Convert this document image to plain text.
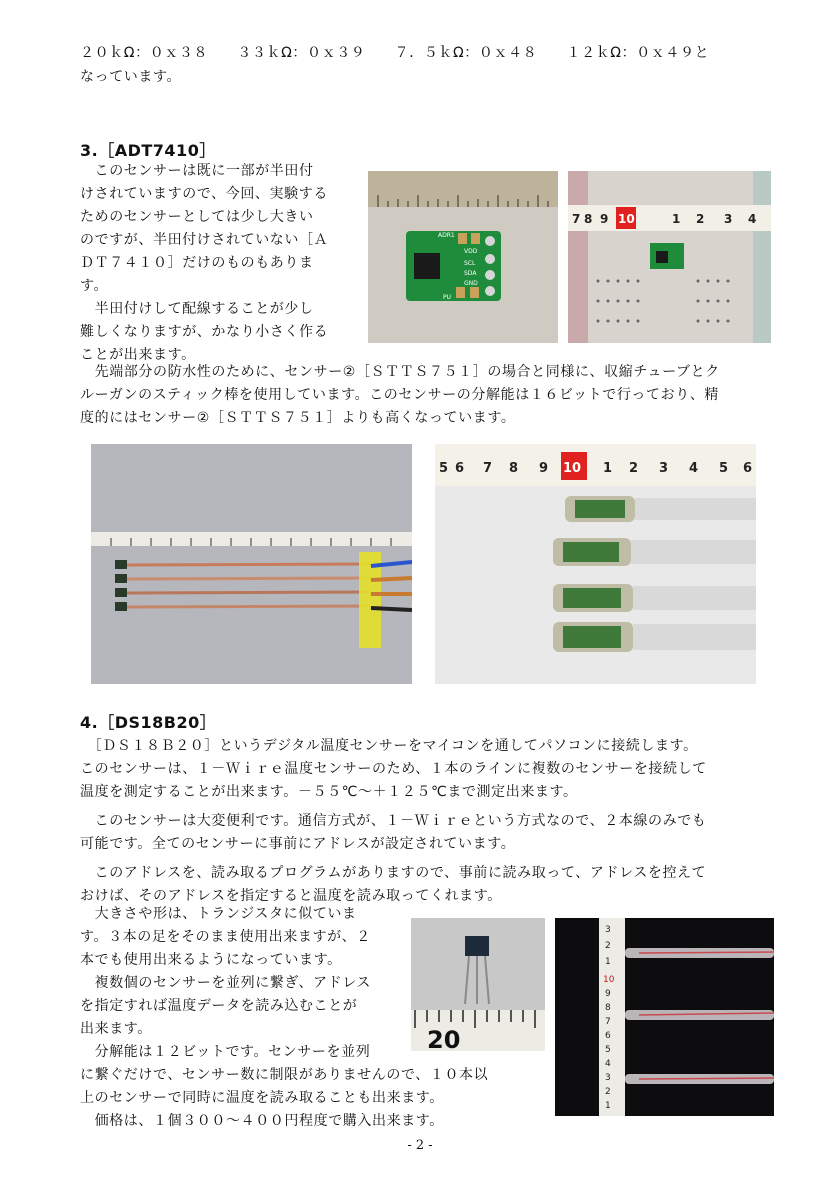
２０ｋΩ：０ｘ３８　　３３ｋΩ：０ｘ３９　　７．５ｋΩ：０ｘ４８　　１２ｋΩ：０ｘ４９と

なっています。

3.［ADT7410］

　このセンサーは既に一部が半田付

けされていますので、今回、実験する

ためのセンサーとしては少し大きい

のですが、半田付けされていない［Ａ

ＤＴ７４１０］だけのものもありま

す。

　半田付けして配線することが少し

難しくなりますが、かなり小さく作る

ことが出来ます。

ADR1
VDD
SCL
SDA
GND
PU
7 8 9 10	1 2 3 4

　先端部分の防水性のために、センサー②［ＳＴＴＳ７５１］の場合と同様に、収縮チューブとク

ルーガンのスティック棒を使用しています。このセンサーの分解能は１６ビットで行っており、精

度的にはセンサー②［ＳＴＴＳ７５１］よりも高くなっています。

5 6 7 8 9 10 1 2 3 4 5 6
4.［DS18B20］

　［ＤＳ１８Ｂ２０］というデジタル温度センサーをマイコンを通してパソコンに接続します。

このセンサーは、１－Ｗｉｒｅ温度センサーのため、１本のラインに複数のセンサーを接続して

温度を測定することが出来ます。－５５℃～＋１２５℃まで測定出来ます。

　このセンサーは大変便利です。通信方式が、１－Ｗｉｒｅという方式なので、２本線のみでも

可能です。全てのセンサーに事前にアドレスが設定されています。

　このアドレスを、読み取るプログラムがありますので、事前に読み取って、アドレスを控えて

おけば、そのアドレスを指定すると温度を読み取ってくれます。

　大きさや形は、トランジスタに似ていま

す。３本の足をそのまま使用出来ますが、２

本でも使用出来るようになっています。

　複数個のセンサーを並列に繋ぎ、アドレス

を指定すれば温度データを読み込むことが

出来ます。

　分解能は１２ビットです。センサーを並列

に繋ぐだけで、センサー数に制限がありませんので、１０本以

上のセンサーで同時に温度を読み取ることも出来ます。

　価格は、１個３００～４００円程度で購入出来ます。

20
1
2
3
4
5
6
7
8
9
10
1
2
3
- 2 -
